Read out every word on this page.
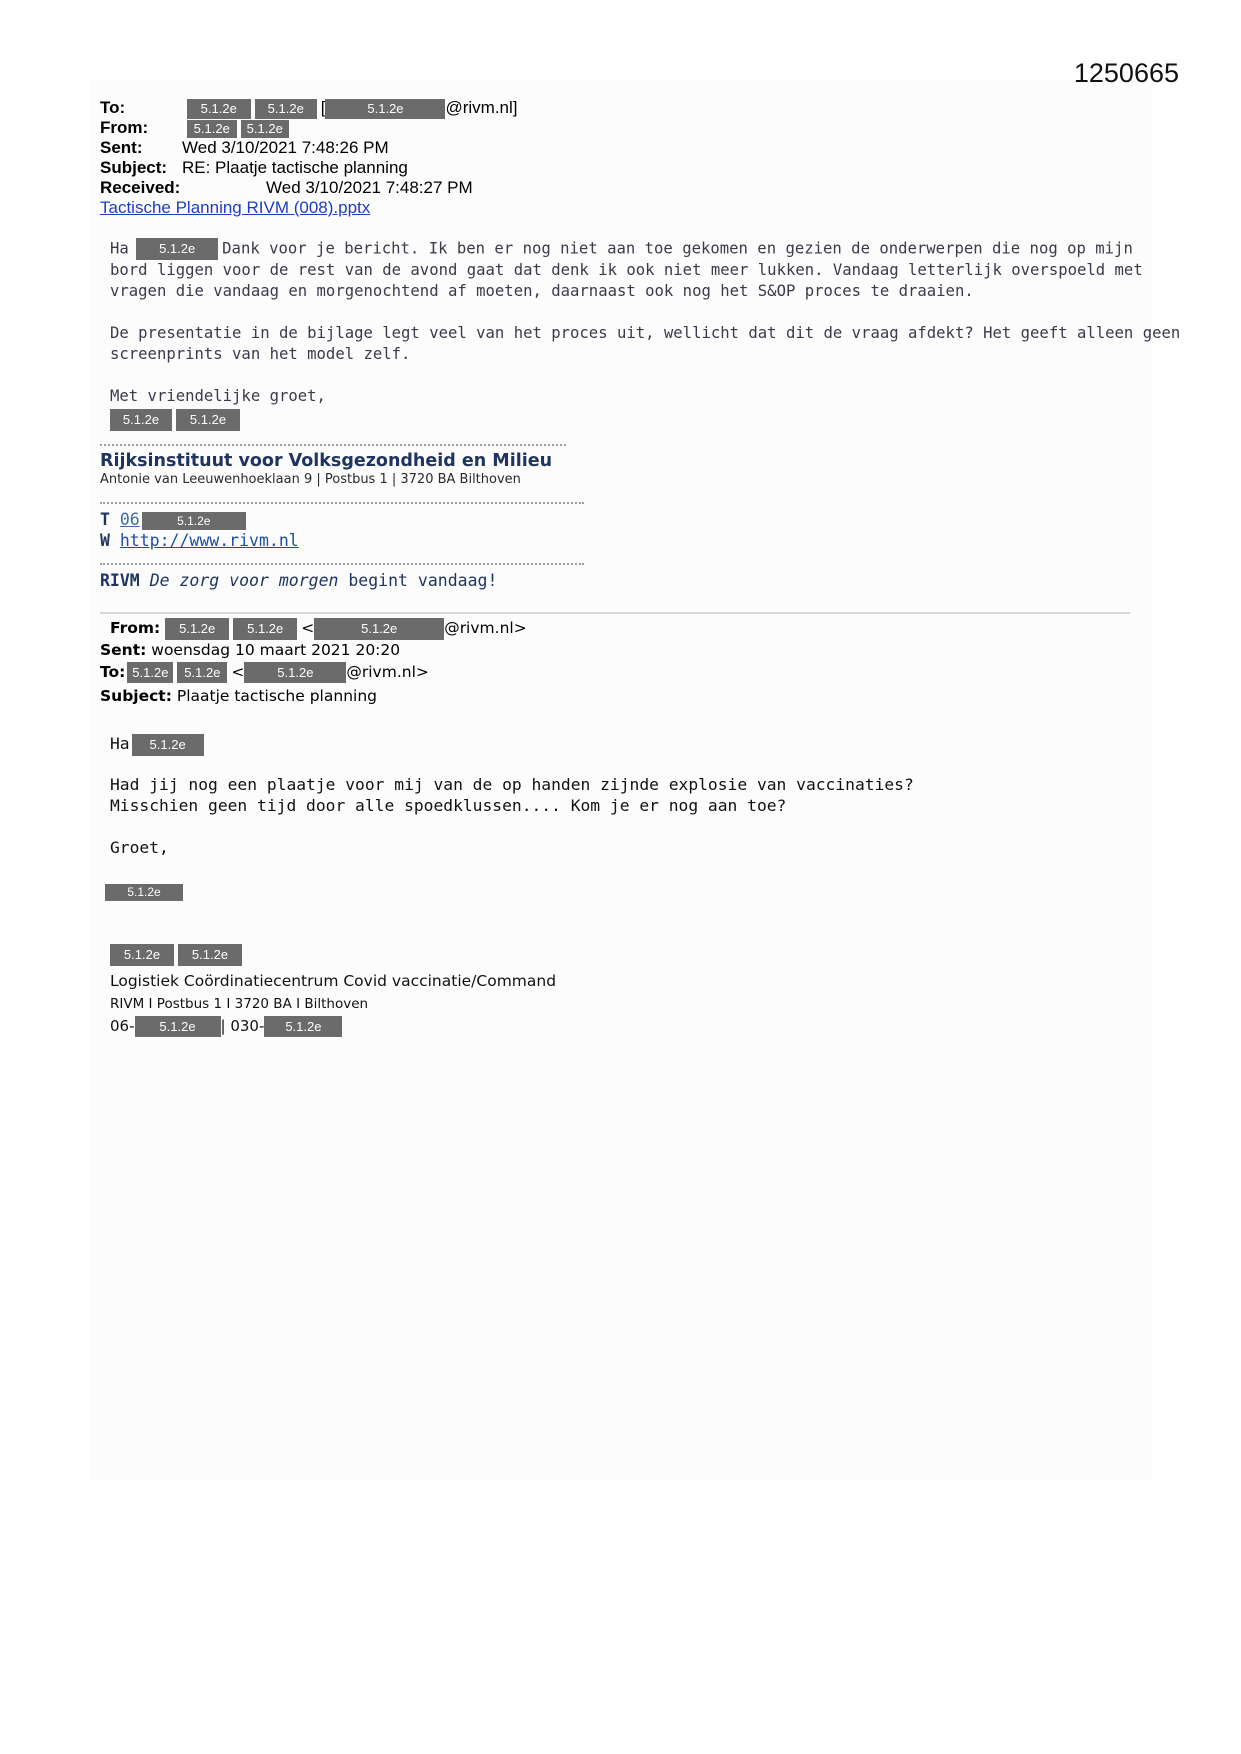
1250665
To:	5.1.2e 5.1.2e [	5.1.2e @rivm.nl]
From:	5.1.2e 5.1.2e
Sent: Wed 3/10/2021 7:48:26 PM
Subject: RE: Plaatje tactische planning
Received:	Wed 3/10/2021 7:48:27 PM
Tactische Planning RIVM (008).pptx
Ha 5.1.2e Dank voor je bericht. Ik ben er nog niet aan toe gekomen en gezien de onderwerpen die nog op mijn
bord liggen voor de rest van de avond gaat dat denk ik ook niet meer lukken. Vandaag letterlijk overspoeld met
vragen die vandaag en morgenochtend af moeten, daarnaast ook nog het S&OP proces te draaien.
De presentatie in de bijlage legt veel van het proces uit, wellicht dat dit de vraag afdekt? Het geeft alleen geen
screenprints van het model zelf.
Met vriendelijke groet,
5.1.2e 5.1.2e
Rijksinstituut voor Volksgezondheid en Milieu
Antonie van Leeuwenhoeklaan 9 | Postbus 1 | 3720 BA Bilthoven
T 06	5.1.2e
W http://www.rivm.nl
RIVM De zorg voor morgen begint vandaag!
From: 5.1.2e 5.1.2e <	5.1.2e	@rivm.nl>
Sent: woensdag 10 maart 2021 20:20
To: 5.1.2e 5.1.2e <	5.1.2e @rivm.nl>
Subject: Plaatje tactische planning
Ha 5.1.2e
Had jij nog een plaatje voor mij van de op handen zijnde explosie van vaccinaties?
Misschien geen tijd door alle spoedklussen.... Kom je er nog aan toe?
Groet,
5.1.2e
5.1.2e 5.1.2e
Logistiek Coördinatiecentrum Covid vaccinatie/Command
RIVM I Postbus 1 I 3720 BA I Bilthoven
06- 5.1.2e | 030- 5.1.2e
